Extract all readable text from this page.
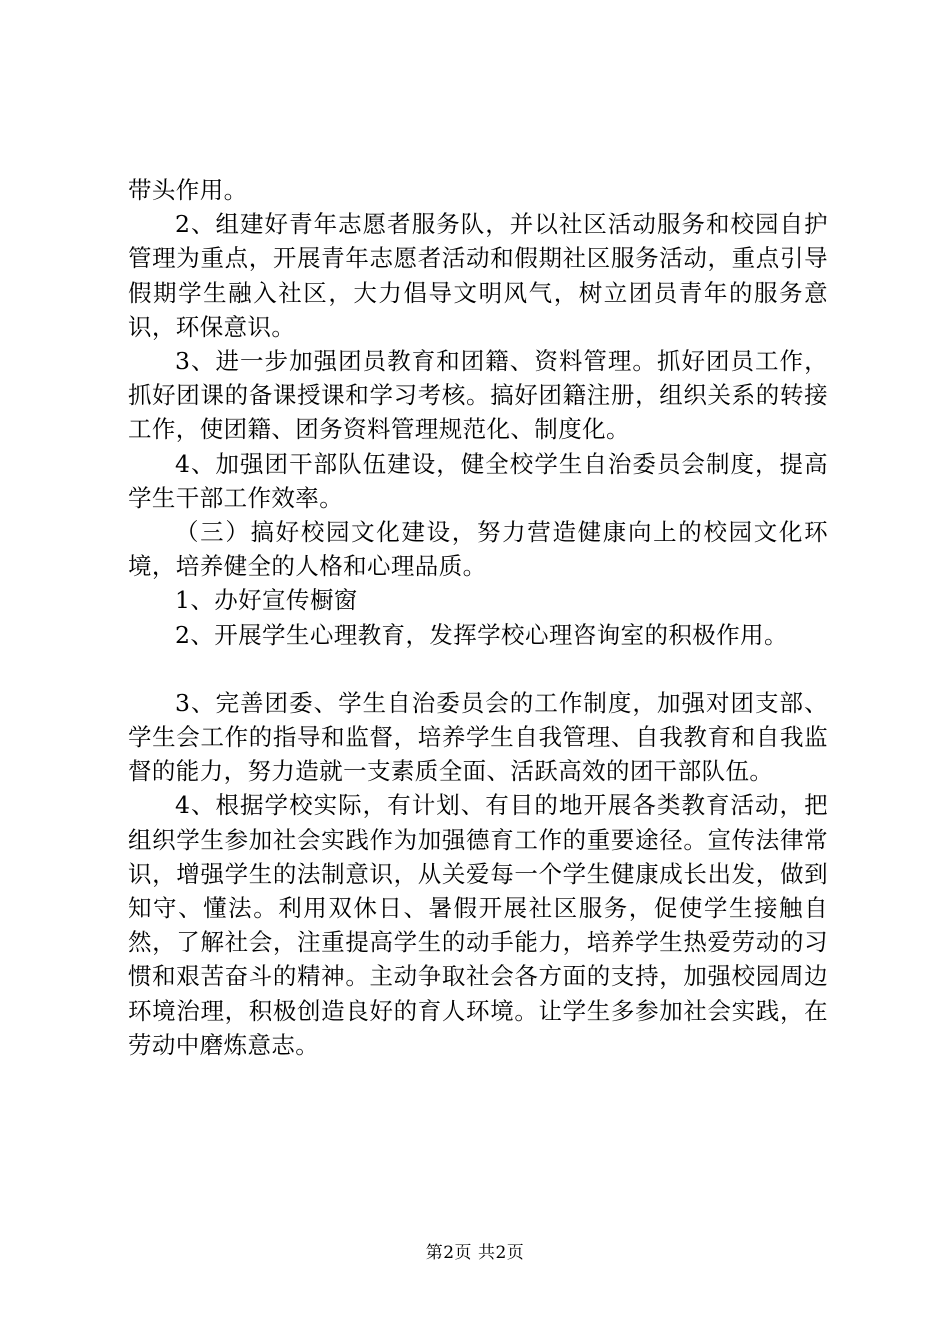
带头作用。

2、组建好青年志愿者服务队，并以社区活动服务和校园自护管理为重点，开展青年志愿者活动和假期社区服务活动，重点引导假期学生融入社区，大力倡导文明风气，树立团员青年的服务意识，环保意识。

3、进一步加强团员教育和团籍、资料管理。抓好团员工作，抓好团课的备课授课和学习考核。搞好团籍注册，组织关系的转接工作，使团籍、团务资料管理规范化、制度化。

4、加强团干部队伍建设，健全校学生自治委员会制度，提高学生干部工作效率。

（三）搞好校园文化建设，努力营造健康向上的校园文化环境，培养健全的人格和心理品质。

1、办好宣传橱窗

2、开展学生心理教育，发挥学校心理咨询室的积极作用。

3、完善团委、学生自治委员会的工作制度，加强对团支部、学生会工作的指导和监督，培养学生自我管理、自我教育和自我监督的能力，努力造就一支素质全面、活跃高效的团干部队伍。

4、根据学校实际，有计划、有目的地开展各类教育活动，把组织学生参加社会实践作为加强德育工作的重要途径。宣传法律常识，增强学生的法制意识，从关爱每一个学生健康成长出发，做到知守、懂法。利用双休日、暑假开展社区服务，促使学生接触自然，了解社会，注重提高学生的动手能力，培养学生热爱劳动的习惯和艰苦奋斗的精神。主动争取社会各方面的支持，加强校园周边环境治理，积极创造良好的育人环境。让学生多参加社会实践，在劳动中磨炼意志。

第2页 共2页
